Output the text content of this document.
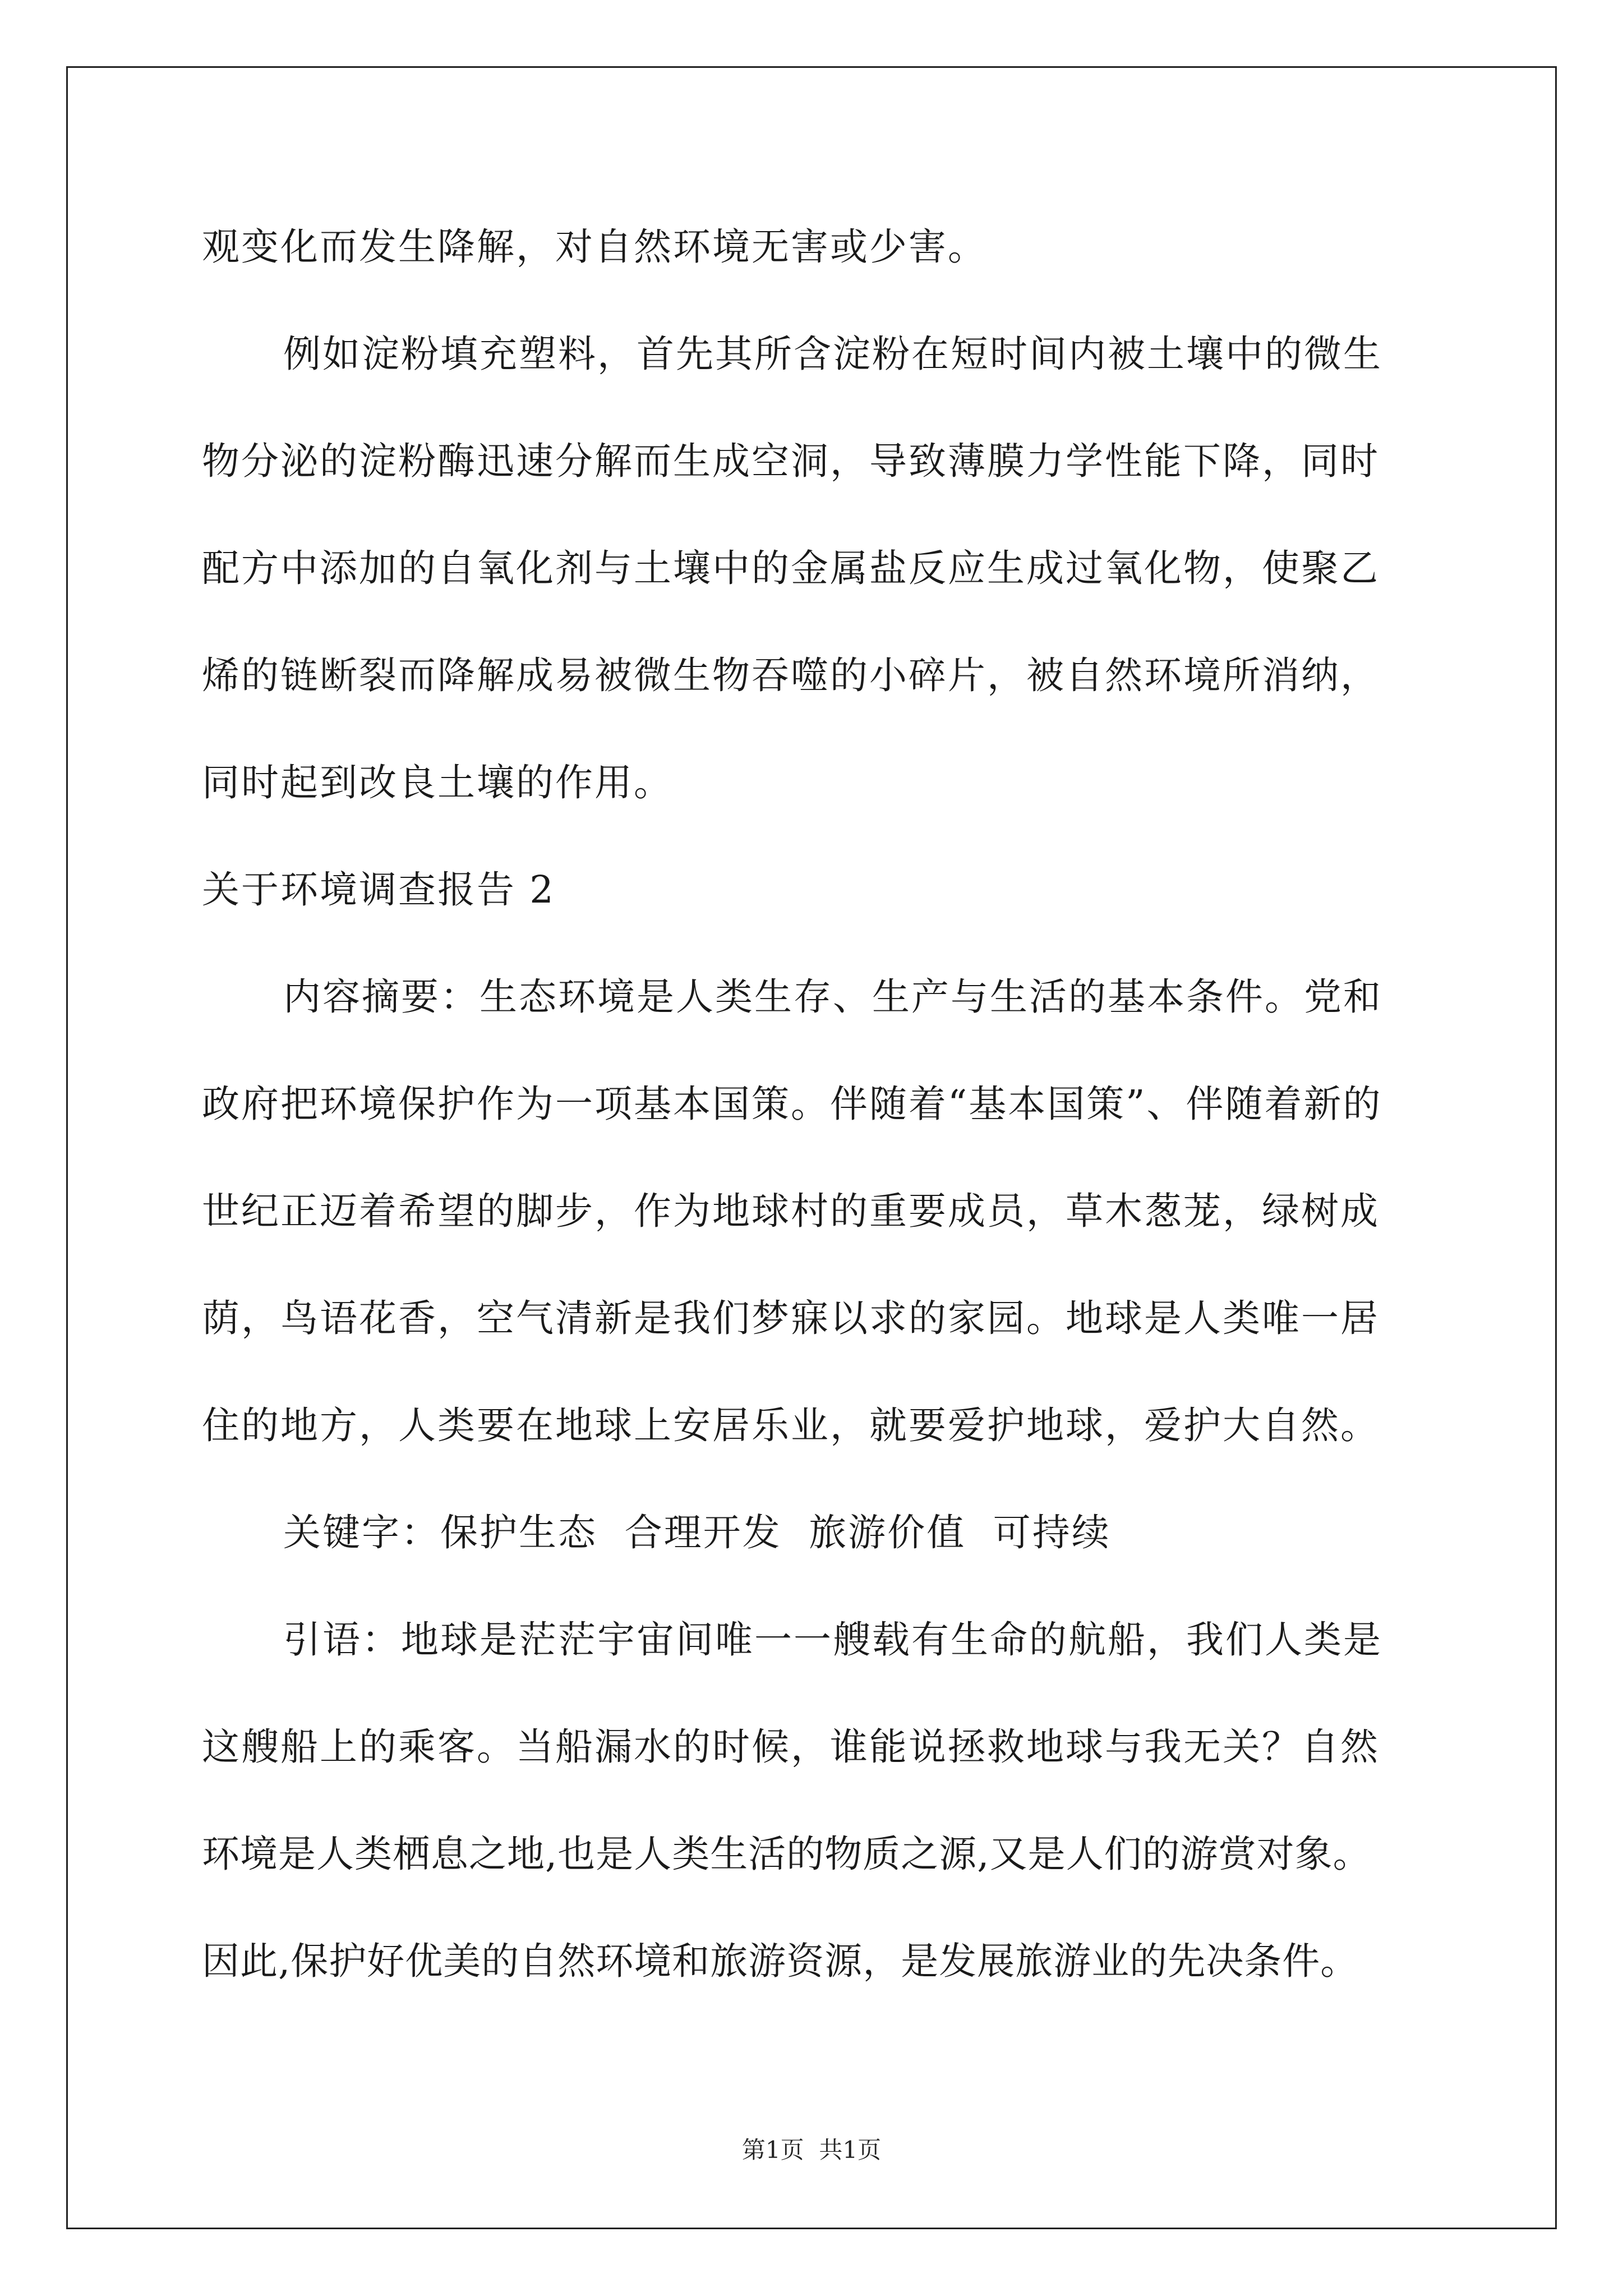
观变化而发生降解，对自然环境无害或少害。
例如淀粉填充塑料，首先其所含淀粉在短时间内被土壤中的微生
物分泌的淀粉酶迅速分解而生成空洞，导致薄膜力学性能下降，同时
配方中添加的自氧化剂与土壤中的金属盐反应生成过氧化物，使聚乙
烯的链断裂而降解成易被微生物吞噬的小碎片，被自然环境所消纳，
同时起到改良土壤的作用。
关于环境调查报告 2
内容摘要：生态环境是人类生存、生产与生活的基本条件。党和
政府把环境保护作为一项基本国策。伴随着“基本国策”、伴随着新的
世纪正迈着希望的脚步，作为地球村的重要成员，草木葱茏，绿树成
荫，鸟语花香，空气清新是我们梦寐以求的家园。地球是人类唯一居
住的地方，人类要在地球上安居乐业，就要爱护地球，爱护大自然。
关键字：保护生态  合理开发  旅游价值  可持续
引语：地球是茫茫宇宙间唯一一艘载有生命的航船，我们人类是
这艘船上的乘客。当船漏水的时候，谁能说拯救地球与我无关？自然
环境是人类栖息之地,也是人类生活的物质之源,又是人们的游赏对象。
因此,保护好优美的自然环境和旅游资源，是发展旅游业的先决条件。
第1页  共1页
